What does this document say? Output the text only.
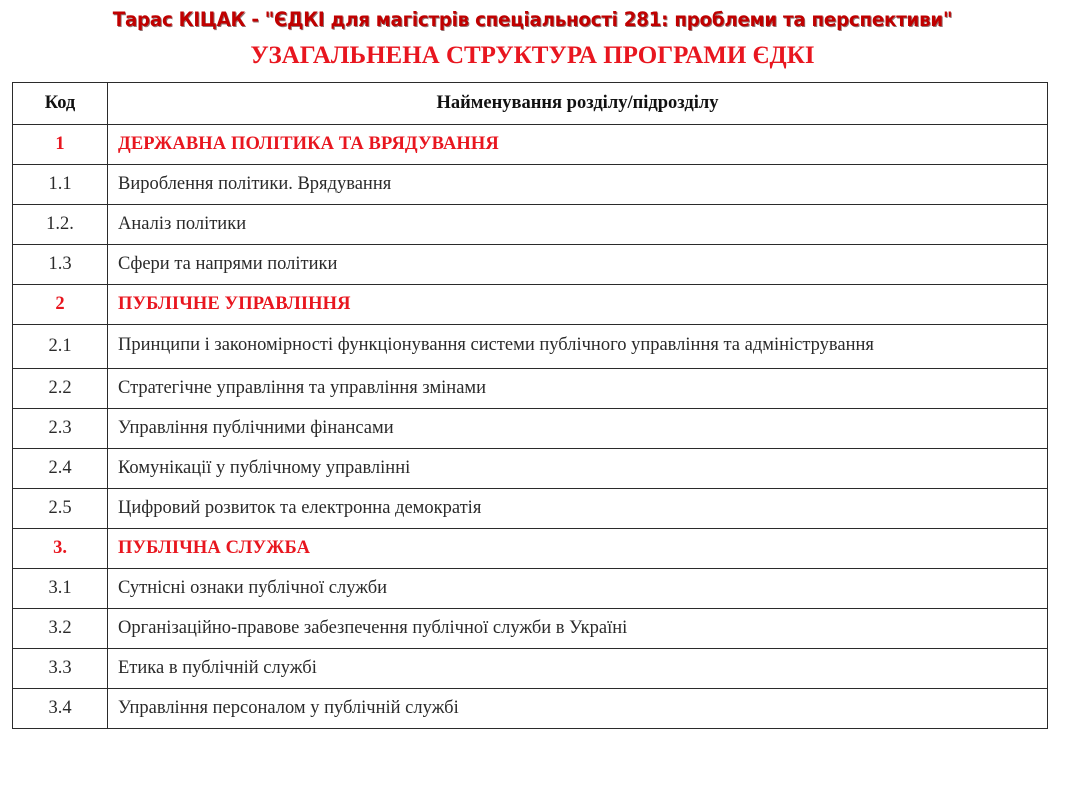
Тарас КІЦАК - "ЄДКІ для магістрів спеціальності 281: проблеми та перспективи"
УЗАГАЛЬНЕНА СТРУКТУРА ПРОГРАМИ ЄДКІ
Код	Найменування розділу/підрозділу
1	ДЕРЖАВНА ПОЛІТИКА ТА ВРЯДУВАННЯ
1.1	Вироблення політики. Врядування
1.2.	Аналіз політики
1.3	Сфери та напрями політики
2	ПУБЛІЧНЕ УПРАВЛІННЯ
2.1	Принципи і закономірності функціонування системи публічного управління та адміністрування
2.2	Стратегічне управління та управління змінами
2.3	Управління публічними фінансами
2.4	Комунікації у публічному управлінні
2.5	Цифровий розвиток та електронна демократія
3.	ПУБЛІЧНА СЛУЖБА
3.1	Сутнісні ознаки публічної служби
3.2	Організаційно-правове забезпечення публічної служби в Україні
3.3	Етика в публічній службі
3.4	Управління персоналом у публічній службі
